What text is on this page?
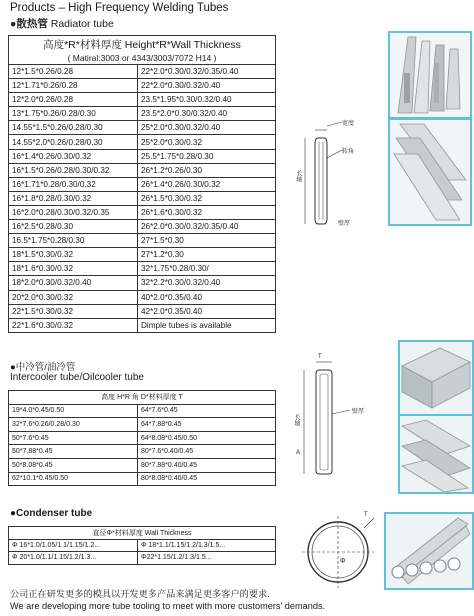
Products – High Frequency Welding Tubes
●散热管 Radiator tube
高度*R*材料厚度 Height*R*Wall Thickness	
( Matiral:3003 or 4343/3003/7072 H14 )	
12*1.5*0.26/0.28	22*2.0*0.30/0.32/0.35/0.40
12*1.71*0.26/0.28	22*2.0*0.30/0.32/0.40
12*2.0*0.26/0.28	23.5*1.95*0.30/0.32/0.40
13*1.75*0.26/0.28/0.30	23.5*2.0*0.30/0.32/0.40
14.55*1.5*0.26/0.28/0.30	25*2.0*0.30/0.32/0.40
14.55*2.0*0.26/0.28/0.30	25*2.0*0.30/0.32
16*1.4*0.26/0.30/0.32	25.5*1.75*0.28/0.30
16*1.5*0.26/0.28/0.30/0.32	26*1.2*0.26/0.30
16*1.71*0.28/0.30/0.32	26*1.4*0.26/0.30/0.32
16*1.8*0.28/0.30/0.32	26*1.5*0.30/0.32
16*2.0*0.28/0.30/0.32/0.35	26*1.6*0.30/0.32
16*2.5*0.28/0.30	26*2.0*0.30/0.32/0.35/0.40
16.5*1.75*0.28/0.30	27*1.5*0.30
18*1.5*0.30/0.32	27*1.2*0.30
18*1.6*0.30/0.32	32*1.75*0.28/0.30/
18*2.0*0.30/0.32/0.40	32*2.2*0.30/0.32/0.40
20*2.0*0.30/0.32	40*2.0*0.35/0.40
22*1.5*0.30/0.32	42*2.0*0.35/0.40
22*1.6*0.30/0.32	Dimple tubes is available
宽度
转角
长轴
壁厚
●中冷管/油冷管
Intercooler tube/Oilcooler tube
高度 H*R 角 D*材料厚度 T	
19*4.0*0.45/0.50	64*7.6*0.45
32*7.6*0.26/0.28/0.30	64*7.88*0.45
50*7.6*0.45	64*8.08*0.45/0.50
50*7.88*0.45	80*7.6*0.40/0.45
50*8.08*0.45	80*7.88*0.40/0.45
62*10.1*0.45/0.50	80*8.08*0.40/0.45
T
长轴
壁厚
A
●Condenser tube
直径Φ*材料厚度 Wall Thickness	
Φ 16*1.0/1.05/1.1/1.15/1.2...	Φ 18*1.1/1.15/1.2/1.3/1.5...
Φ 20*1.0/1.1/1.15/1.2/1.3...	Φ22*1.15/1.2/1.3/1.5...
T
Φ
公司正在研发更多的模具以开发更多产品来满足更多客户的要求.
We are developing more tube tooling to meet with more customers' demands.
